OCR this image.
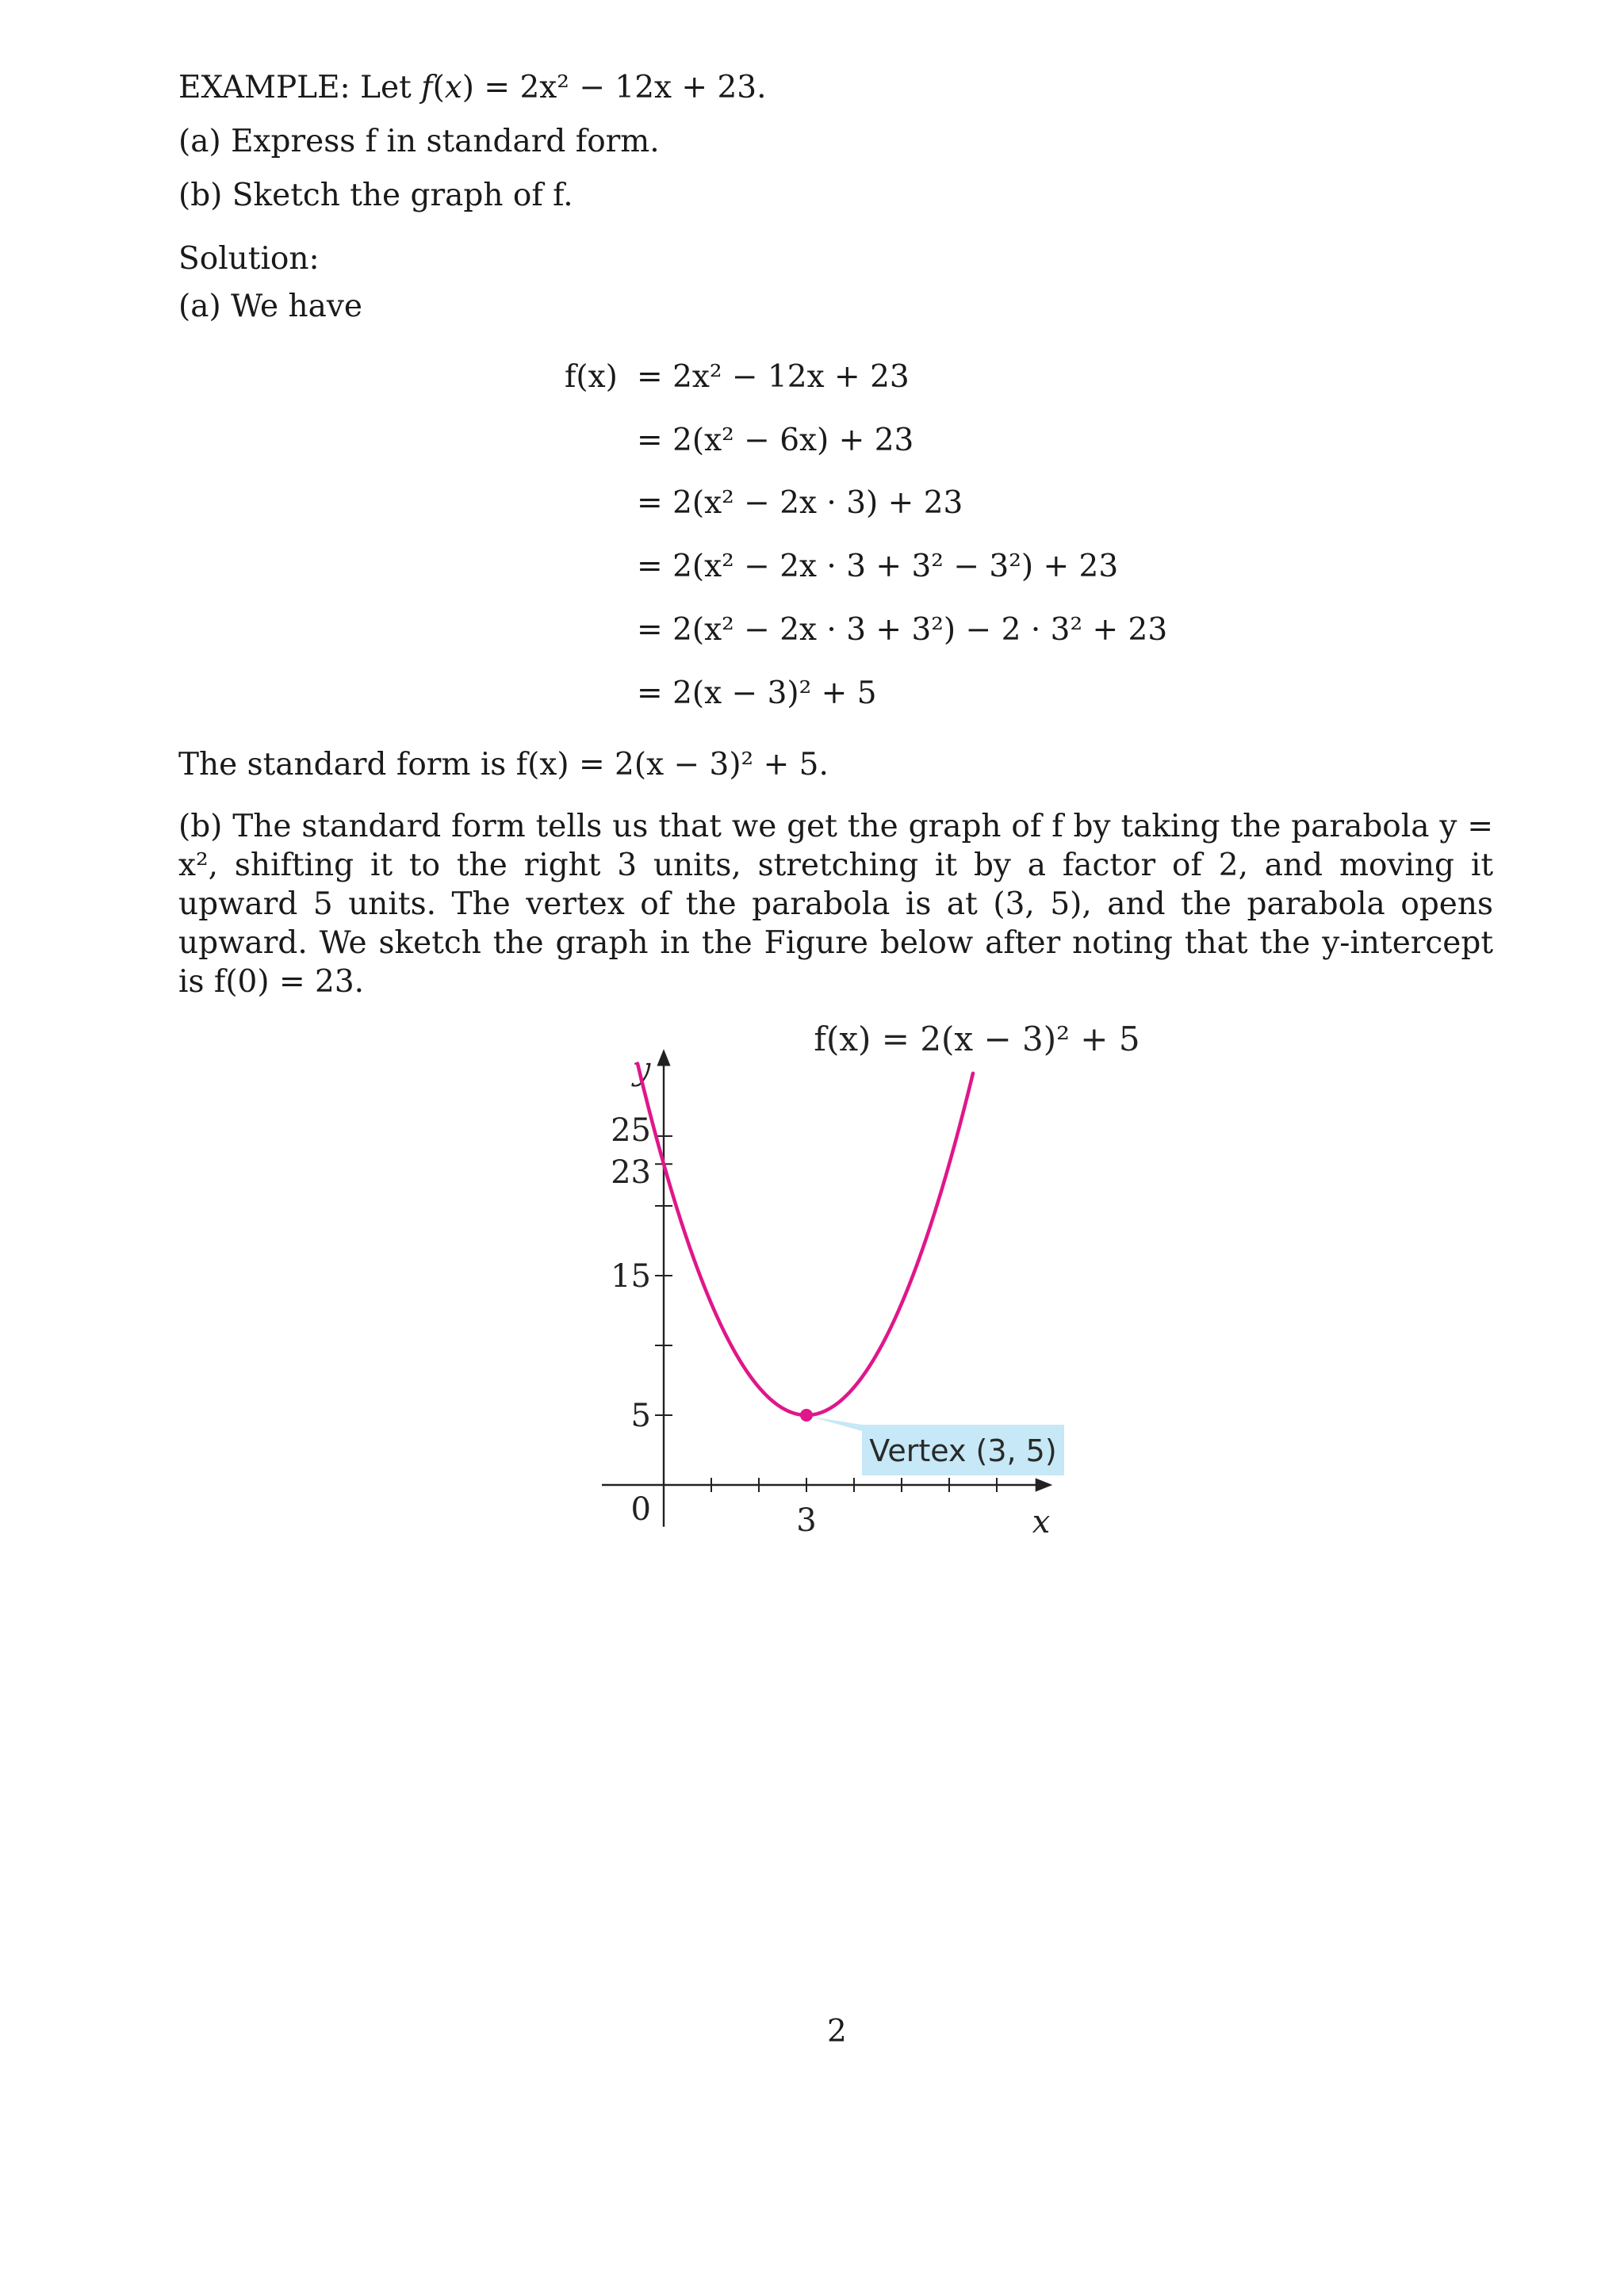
EXAMPLE: Let f(x) = 2x² − 12x + 23.
(a) Express f in standard form.
(b) Sketch the graph of f.
Solution:
(a) We have
f(x) = 2x² − 12x + 23
= 2(x² − 6x) + 23
= 2(x² − 2x · 3) + 23
= 2(x² − 2x · 3 + 3² − 3²) + 23
= 2(x² − 2x · 3 + 3²) − 2 · 3² + 23
= 2(x − 3)² + 5
The standard form is f(x) = 2(x − 3)² + 5.

(b) The standard form tells us that we get the graph of f by taking the parabola y = x², shifting it to the right 3 units, stretching it by a factor of 2, and moving it upward 5 units. The vertex of the parabola is at (3, 5), and the parabola opens upward. We sketch the graph in the Figure below after noting that the y-intercept is f(0) = 23.

3
5
15
23
25
0	x
y
Vertex (3, 5)
f(x) = 2(x − 3)² + 5
2
